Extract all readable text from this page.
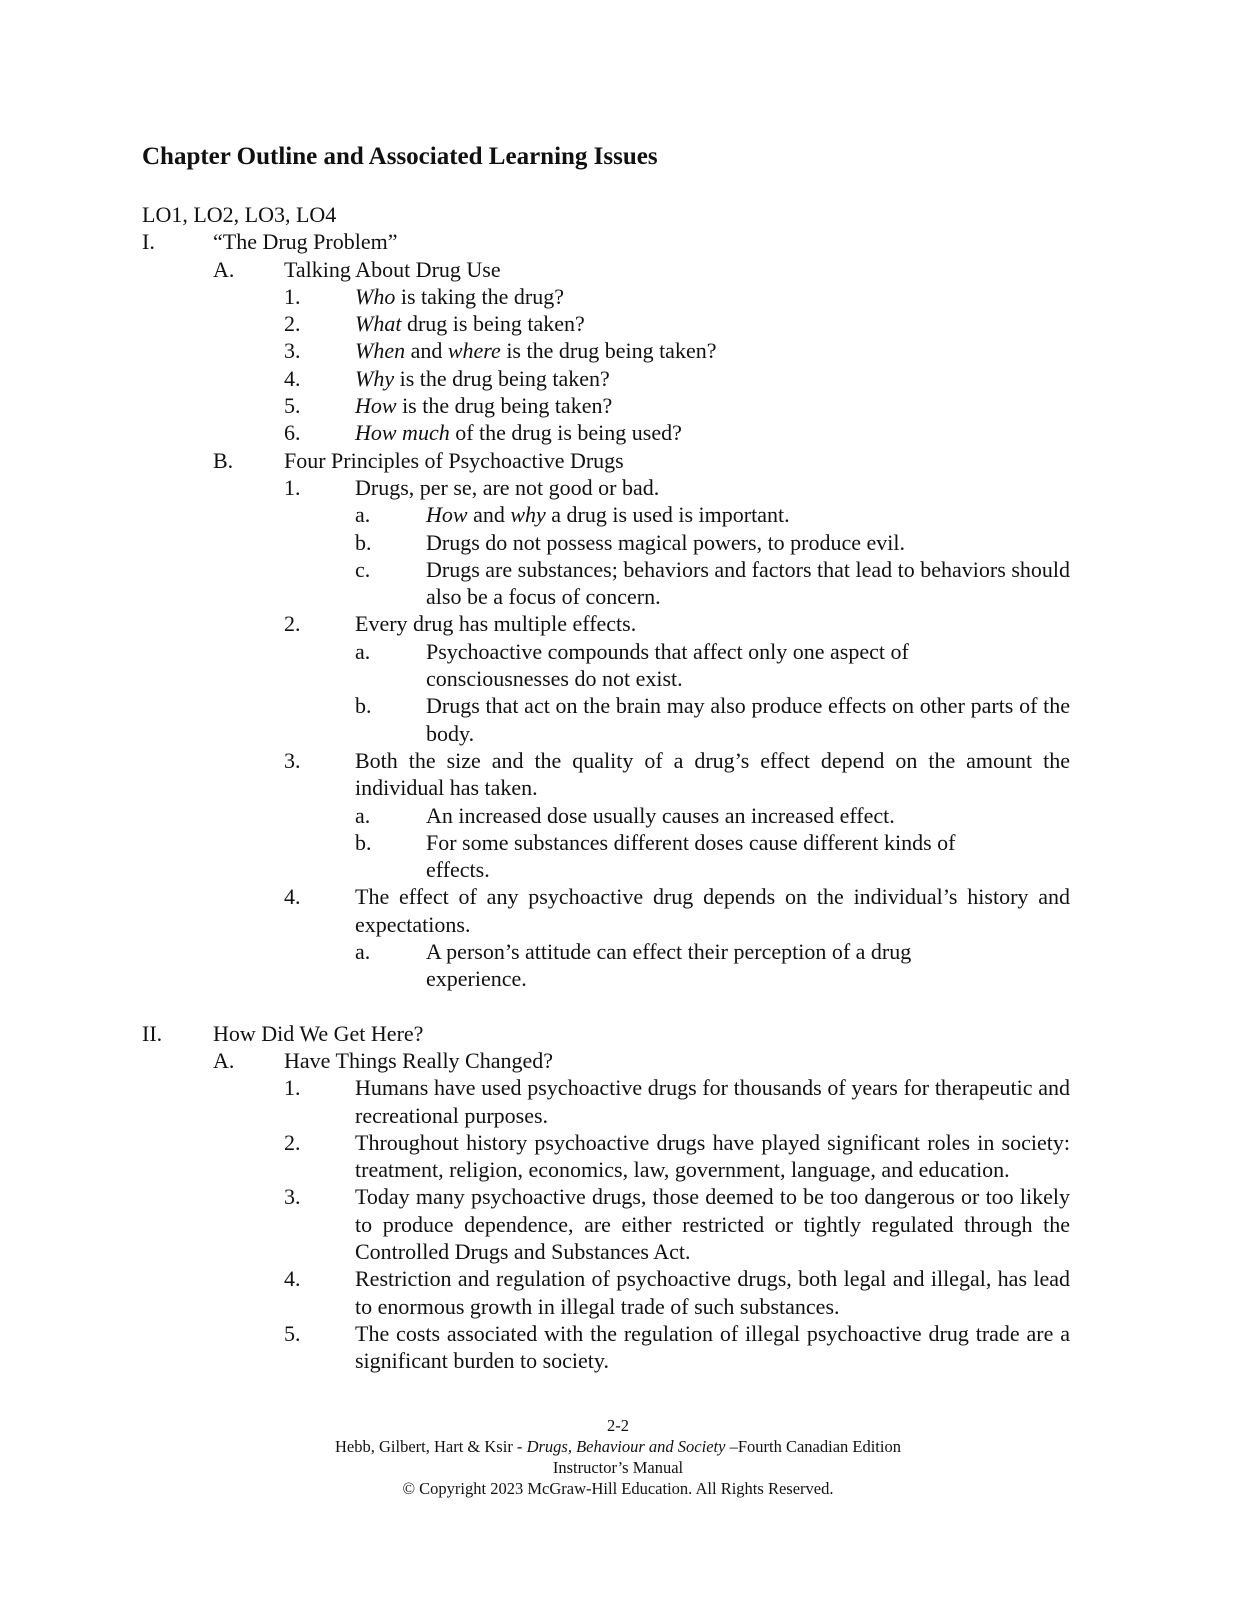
Chapter Outline and Associated Learning Issues
LO1, LO2, LO3, LO4
I.	“The Drug Problem”
A.	Talking About Drug Use
1.	Who is taking the drug?
2.	What drug is being taken?
3.	When and where is the drug being taken?
4.	Why is the drug being taken?
5.	How is the drug being taken?
6.	How much of the drug is being used?
B.	Four Principles of Psychoactive Drugs
1.	Drugs, per se, are not good or bad.
a.	How and why a drug is used is important.
b.	Drugs do not possess magical powers, to produce evil.
c.	Drugs are substances; behaviors and factors that lead to behaviors should also be a focus of concern.
2.	Every drug has multiple effects.
a.	Psychoactive compounds that affect only one aspect of consciousnesses do not exist.
b.	Drugs that act on the brain may also produce effects on other parts of the body.
3.	Both the size and the quality of a drug’s effect depend on the amount the individual has taken.
a.	An increased dose usually causes an increased effect.
b.	For some substances different doses cause different kinds of effects.
4.	The effect of any psychoactive drug depends on the individual’s history and expectations.
a.	A person’s attitude can effect their perception of a drug experience.
II.	How Did We Get Here?
A.	Have Things Really Changed?
1.	Humans have used psychoactive drugs for thousands of years for therapeutic and recreational purposes.
2.	Throughout history psychoactive drugs have played significant roles in society: treatment, religion, economics, law, government, language, and education.
3.	Today many psychoactive drugs, those deemed to be too dangerous or too likely to produce dependence, are either restricted or tightly regulated through the Controlled Drugs and Substances Act.
4.	Restriction and regulation of psychoactive drugs, both legal and illegal, has lead to enormous growth in illegal trade of such substances.
5.	The costs associated with the regulation of illegal psychoactive drug trade are a significant burden to society.

2-2

Hebb, Gilbert, Hart & Ksir - Drugs, Behaviour and Society –Fourth Canadian Edition

Instructor’s Manual

© Copyright 2023 McGraw-Hill Education. All Rights Reserved.
